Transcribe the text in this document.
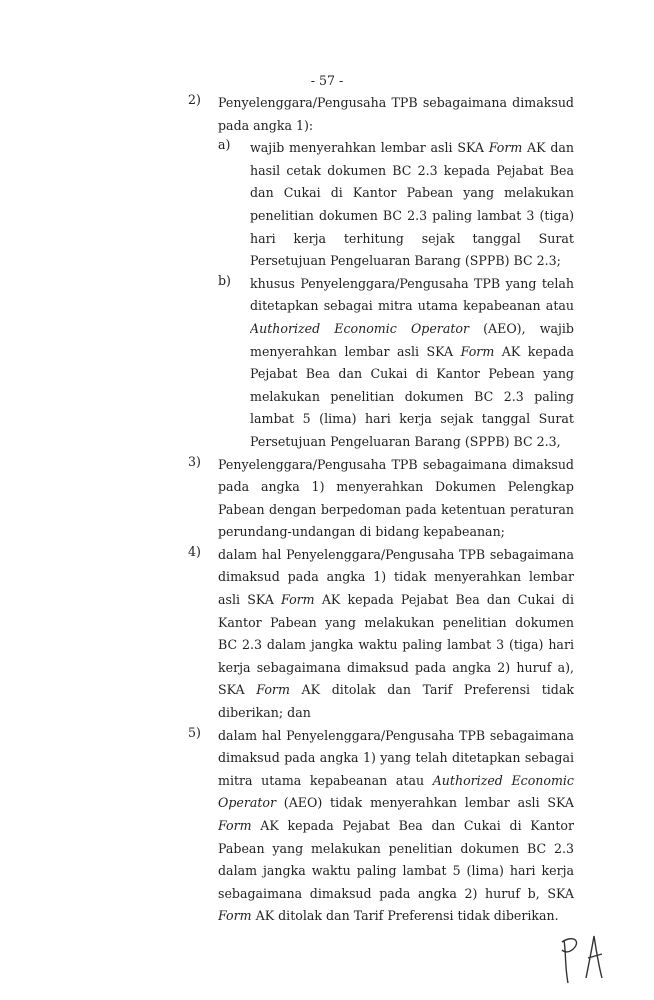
- 57 -
2) Penyelenggara/Pengusaha TPB sebagaimana dimaksud
pada angka 1):
a) wajib menyerahkan lembar asli SKA Form AK dan
hasil cetak dokumen BC 2.3 kepada Pejabat Bea
dan Cukai di Kantor Pabean yang melakukan
penelitian dokumen BC 2.3 paling lambat 3 (tiga)
hari kerja terhitung sejak tanggal Surat
Persetujuan Pengeluaran Barang (SPPB) BC 2.3;
b) khusus Penyelenggara/Pengusaha TPB yang telah
ditetapkan sebagai mitra utama kepabeanan atau
Authorized Economic Operator (AEO), wajib
menyerahkan lembar asli SKA Form AK kepada
Pejabat Bea dan Cukai di Kantor Pebean yang
melakukan penelitian dokumen BC 2.3 paling
lambat 5 (lima) hari kerja sejak tanggal Surat
Persetujuan Pengeluaran Barang (SPPB) BC 2.3,
3) Penyelenggara/Pengusaha TPB sebagaimana dimaksud
pada angka 1) menyerahkan Dokumen Pelengkap
Pabean dengan berpedoman pada ketentuan peraturan
perundang-undangan di bidang kepabeanan;
4) dalam hal Penyelenggara/Pengusaha TPB sebagaimana
dimaksud pada angka 1) tidak menyerahkan lembar
asli SKA Form AK kepada Pejabat Bea dan Cukai di
Kantor Pabean yang melakukan penelitian dokumen
BC 2.3 dalam jangka waktu paling lambat 3 (tiga) hari
kerja sebagaimana dimaksud pada angka 2) huruf a),
SKA Form AK ditolak dan Tarif Preferensi tidak
diberikan; dan
5) dalam hal Penyelenggara/Pengusaha TPB sebagaimana
dimaksud pada angka 1) yang telah ditetapkan sebagai
mitra utama kepabeanan atau Authorized Economic
Operator (AEO) tidak menyerahkan lembar asli SKA
Form AK kepada Pejabat Bea dan Cukai di Kantor
Pabean yang melakukan penelitian dokumen BC 2.3
dalam jangka waktu paling lambat 5 (lima) hari kerja
sebagaimana dimaksud pada angka 2) huruf b, SKA
Form AK ditolak dan Tarif Preferensi tidak diberikan.
